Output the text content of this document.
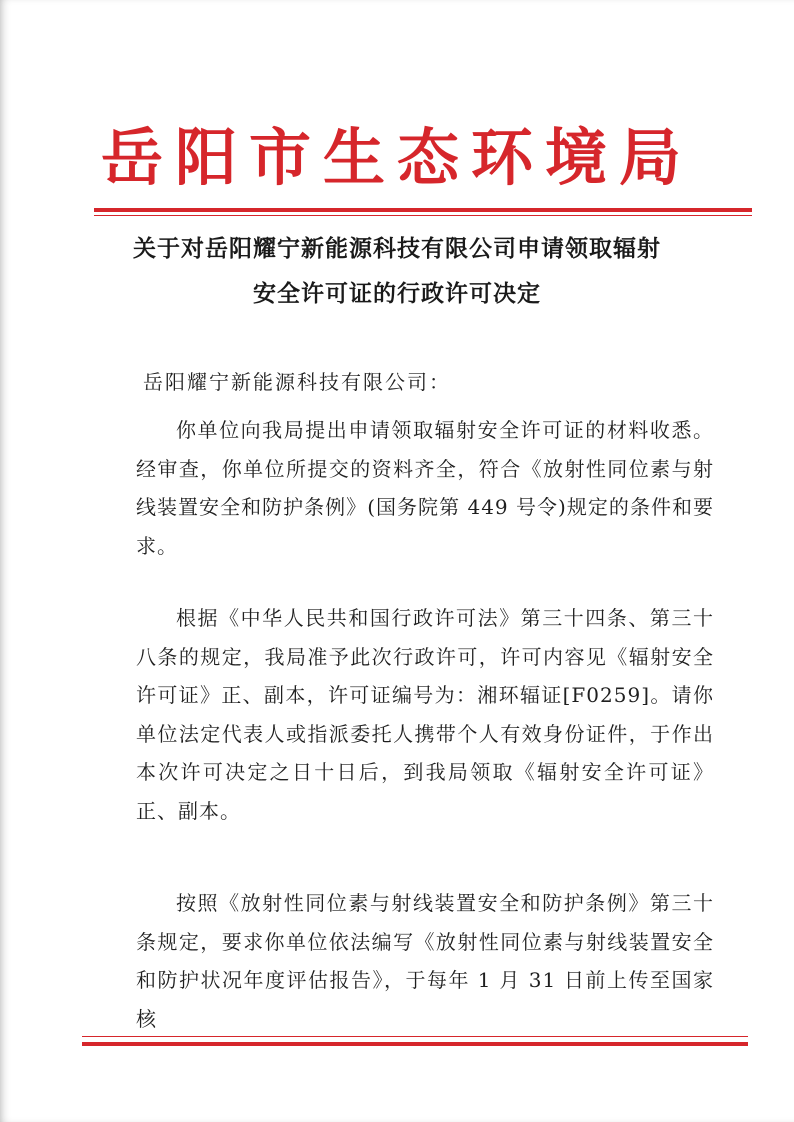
岳阳市生态环境局
关于对岳阳耀宁新能源科技有限公司申请领取辐射
安全许可证的行政许可决定
岳阳耀宁新能源科技有限公司：

你单位向我局提出申请领取辐射安全许可证的材料收悉。经审查，你单位所提交的资料齐全，符合《放射性同位素与射线装置安全和防护条例》(国务院第 449 号令)规定的条件和要求。

根据《中华人民共和国行政许可法》第三十四条、第三十八条的规定，我局准予此次行政许可，许可内容见《辐射安全许可证》正、副本，许可证编号为：湘环辐证[F0259]。请你单位法定代表人或指派委托人携带个人有效身份证件，于作出本次许可决定之日十日后，到我局领取《辐射安全许可证》正、副本。

按照《放射性同位素与射线装置安全和防护条例》第三十条规定，要求你单位依法编写《放射性同位素与射线装置安全和防护状况年度评估报告》，于每年 1 月 31 日前上传至国家核
